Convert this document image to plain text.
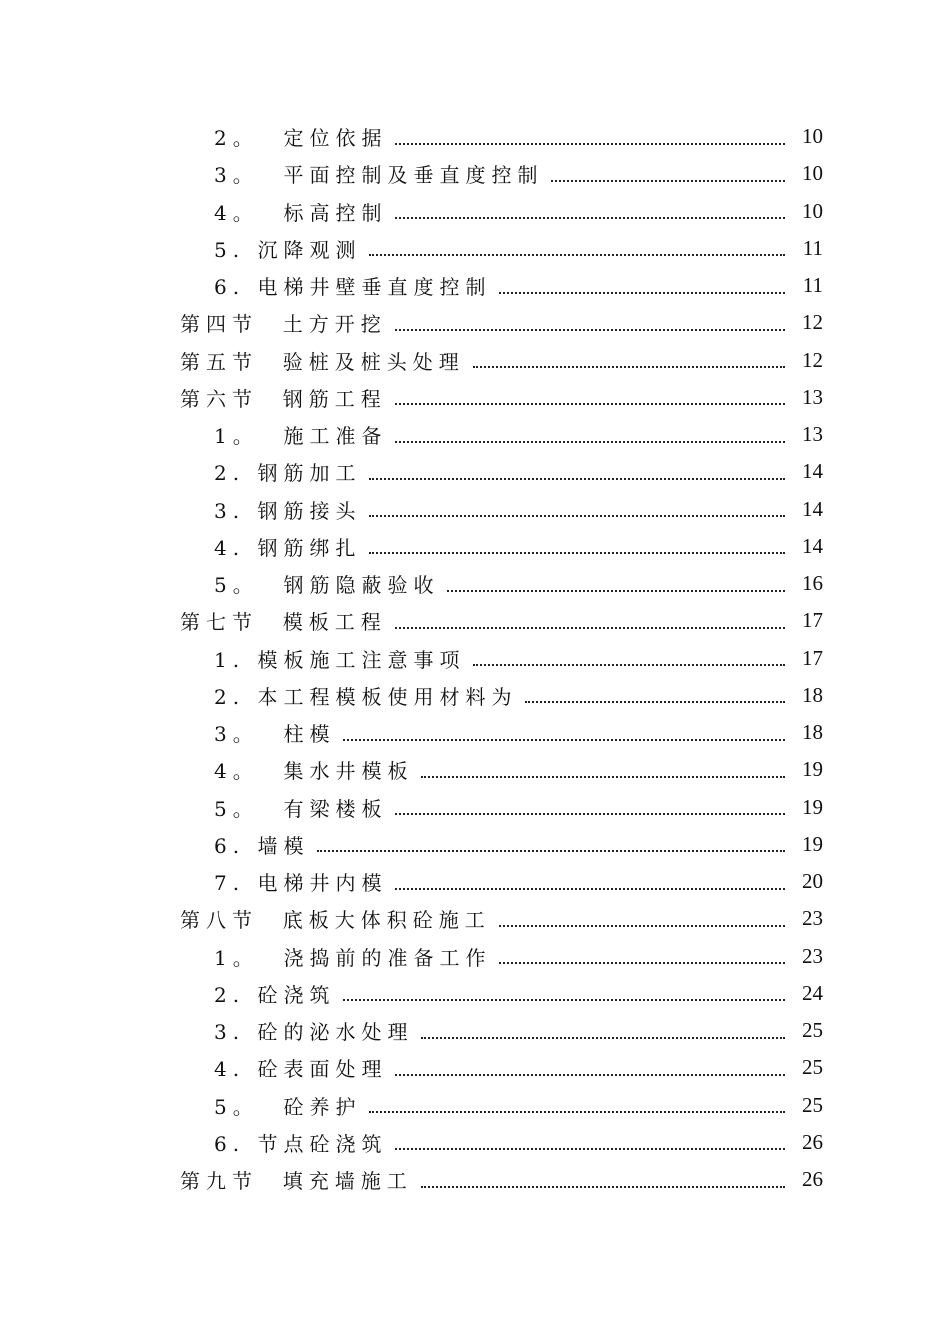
2。  定位依据	10
3。  平面控制及垂直度控制	10
4。  标高控制	10
5. 沉降观测	11
6. 电梯井壁垂直度控制	11
第四节  土方开挖	12
第五节  验桩及桩头处理	12
第六节  钢筋工程	13
1。  施工准备	13
2. 钢筋加工	14
3. 钢筋接头	14
4. 钢筋绑扎	14
5。  钢筋隐蔽验收	16
第七节  模板工程	17
1. 模板施工注意事项	17
2. 本工程模板使用材料为	18
3。  柱模	18
4。  集水井模板	19
5。  有梁楼板	19
6. 墙模	19
7. 电梯井内模	20
第八节  底板大体积砼施工	23
1。  浇捣前的准备工作	23
2. 砼浇筑	24
3. 砼的泌水处理	25
4. 砼表面处理	25
5。  砼养护	25
6. 节点砼浇筑	26
第九节  填充墙施工	26
